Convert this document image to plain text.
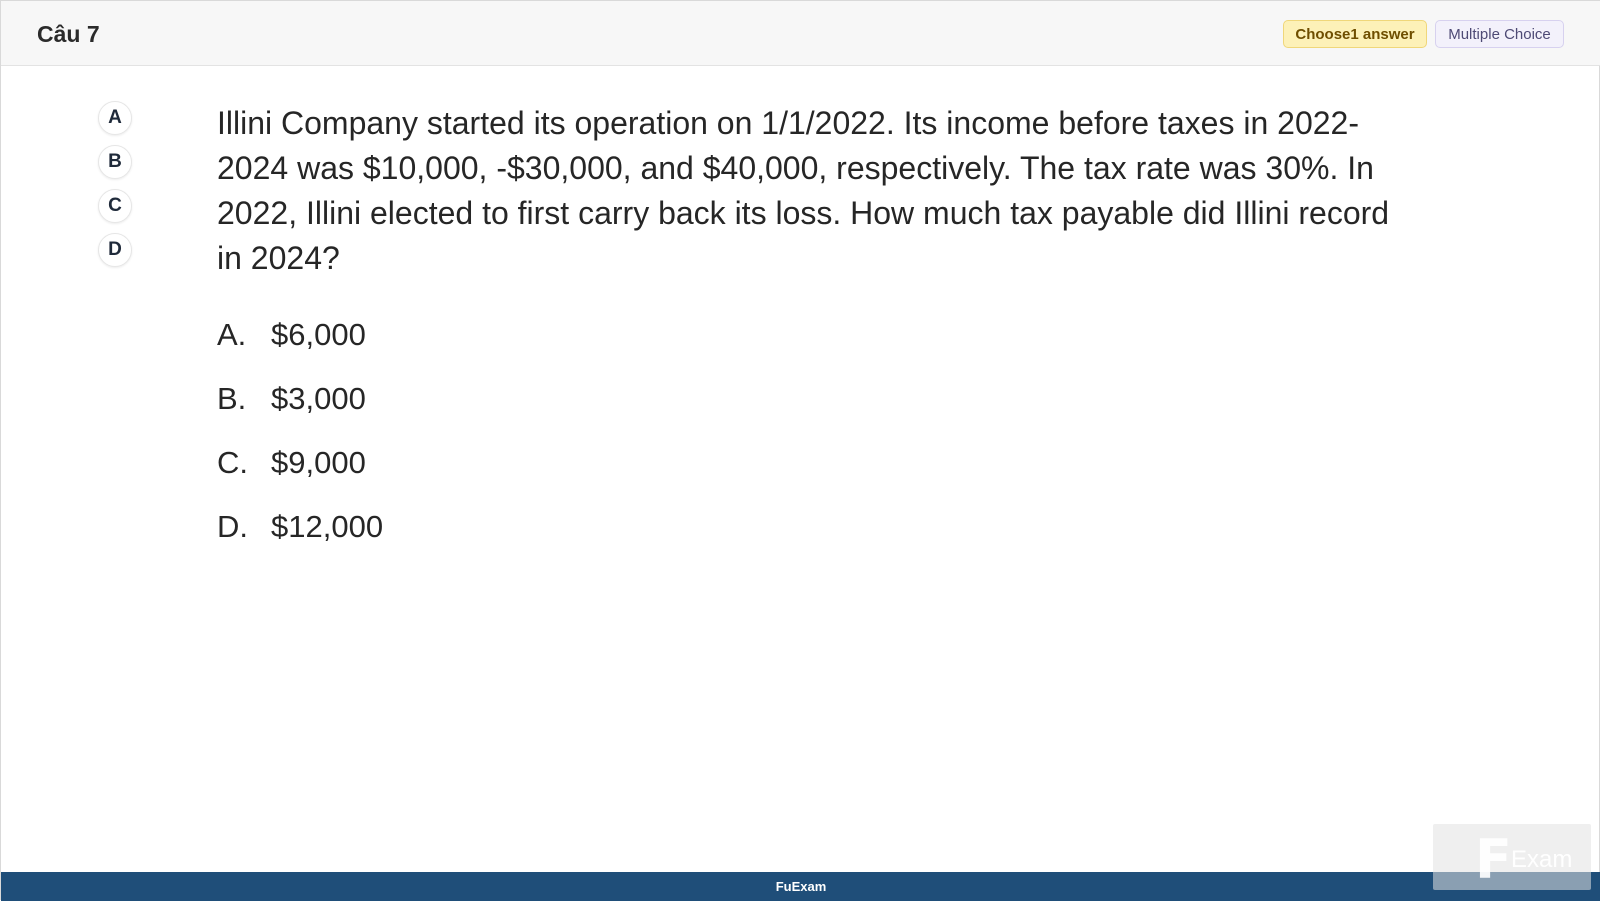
Câu 7	Choose1 answer	Multiple Choice
A
B
C
D
Illini Company started its operation on 1/1/2022. Its income before taxes in 2022-2024 was $10,000, -$30,000, and $40,000, respectively. The tax rate was 30%. In 2022, Illini elected to first carry back its loss. How much tax payable did Illini record in 2024?
A. $6,000
B. $3,000
C. $9,000
D. $12,000
FuExam	F Exam
